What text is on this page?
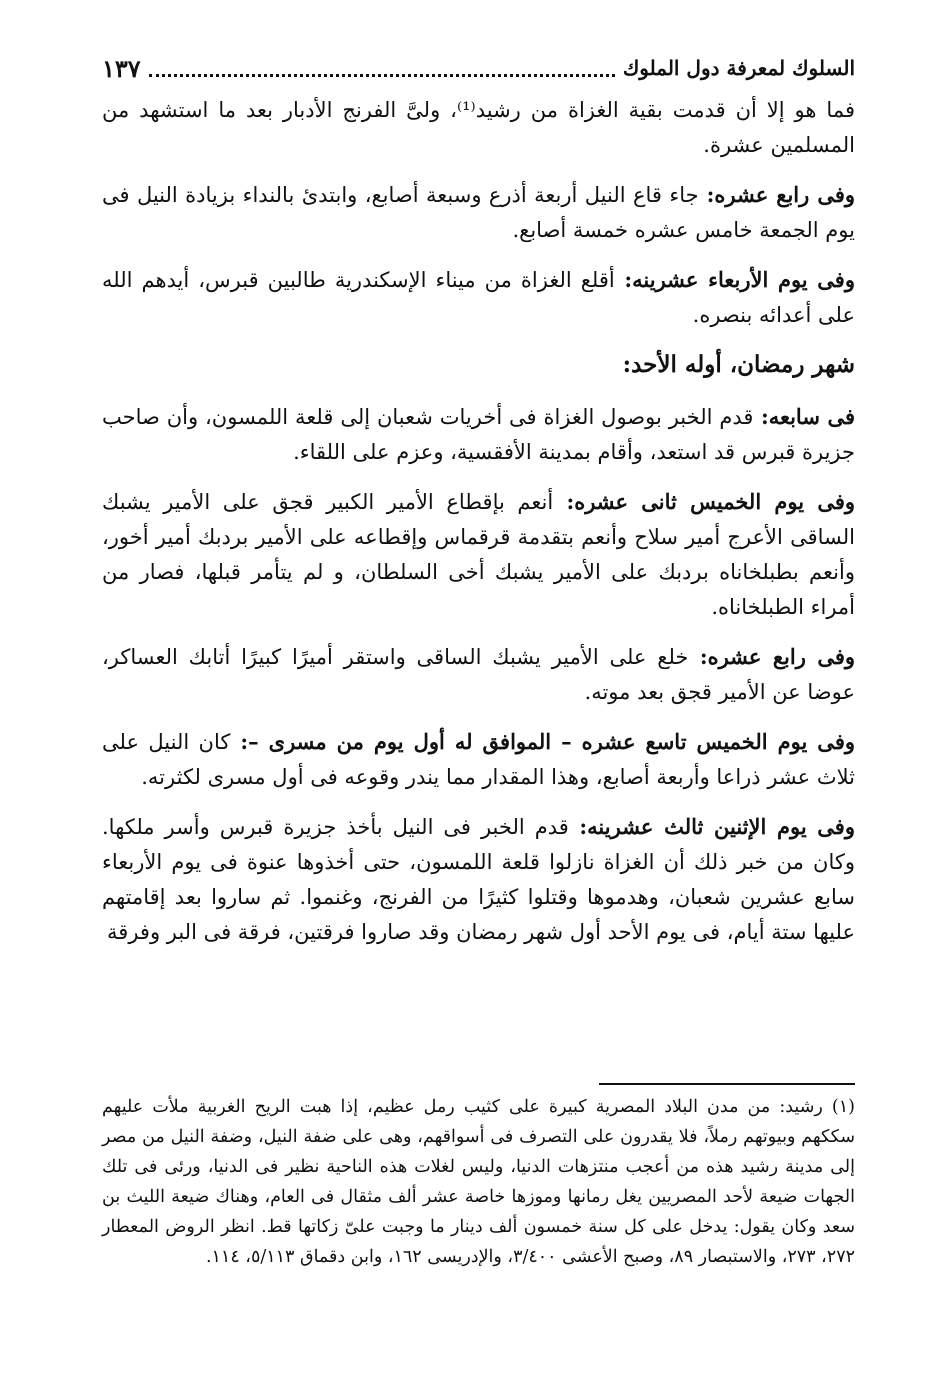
السلوك لمعرفة دول الملوك
١٣٧

فما هو إلا أن قدمت بقية الغزاة من رشيد⁽¹⁾، ولىَّ الفرنج الأدبار بعد ما استشهد من المسلمين عشرة.

وفى رابع عشره: جاء قاع النيل أربعة أذرع وسبعة أصابع، وابتدئ بالنداء بزيادة النيل فى يوم الجمعة خامس عشره خمسة أصابع.

وفى يوم الأربعاء عشرينه: أقلع الغزاة من ميناء الإسكندرية طالبين قبرس، أيدهم الله على أعدائه بنصره.

شهر رمضان، أوله الأحد:

فى سابعه: قدم الخبر بوصول الغزاة فى أخريات شعبان إلى قلعة اللمسون، وأن صاحب جزيرة قبرس قد استعد، وأقام بمدينة الأفقسية، وعزم على اللقاء.

وفى يوم الخميس ثانى عشره: أنعم بإقطاع الأمير الكبير قجق على الأمير يشبك الساقى الأعرج أمير سلاح وأنعم بتقدمة قرقماس وإقطاعه على الأمير بردبك أمير أخور، وأنعم بطبلخاناه بردبك على الأمير يشبك أخى السلطان، و لم يتأمر قبلها، فصار من أمراء الطبلخاناه.

وفى رابع عشره: خلع على الأمير يشبك الساقى واستقر أميرًا كبيرًا أتابك العساكر، عوضا عن الأمير قجق بعد موته.

وفى يوم الخميس تاسع عشره – الموافق له أول يوم من مسرى –: كان النيل على ثلاث عشر ذراعا وأربعة أصابع، وهذا المقدار مما يندر وقوعه فى أول مسرى لكثرته.

وفى يوم الإثنين ثالث عشرينه: قدم الخبر فى النيل بأخذ جزيرة قبرس وأسر ملكها. وكان من خبر ذلك أن الغزاة نازلوا قلعة اللمسون، حتى أخذوها عنوة فى يوم الأربعاء سابع عشرين شعبان، وهدموها وقتلوا كثيرًا من الفرنج، وغنموا. ثم ساروا بعد إقامتهم عليها ستة أيام، فى يوم الأحد أول شهر رمضان وقد صاروا فرقتين، فرقة فى البر وفرقة

(١) رشيد: من مدن البلاد المصرية كبيرة على كثيب رمل عظيم، إذا هبت الريح الغربية ملأت عليهم سككهم وبيوتهم رملاً، فلا يقدرون على التصرف فى أسواقهم، وهى على ضفة النيل، وضفة النيل من مصر إلى مدينة رشيد هذه من أعجب منتزهات الدنيا، وليس لغلات هذه الناحية نظير فى الدنيا، ورئى فى تلك الجهات ضيعة لأحد المصريين يغل رمانها وموزها خاصة عشر ألف مثقال فى العام، وهناك ضيعة الليث بن سعد وكان يقول: يدخل على كل سنة خمسون ألف دينار ما وجبت علىّ زكاتها قط. انظر الروض المعطار ٢٧٢، ٢٧٣، والاستبصار ٨٩، وصبح الأعشى ٣/٤٠٠، والإدريسى ١٦٢، وابن دقماق ٥/١١٣، ١١٤.
